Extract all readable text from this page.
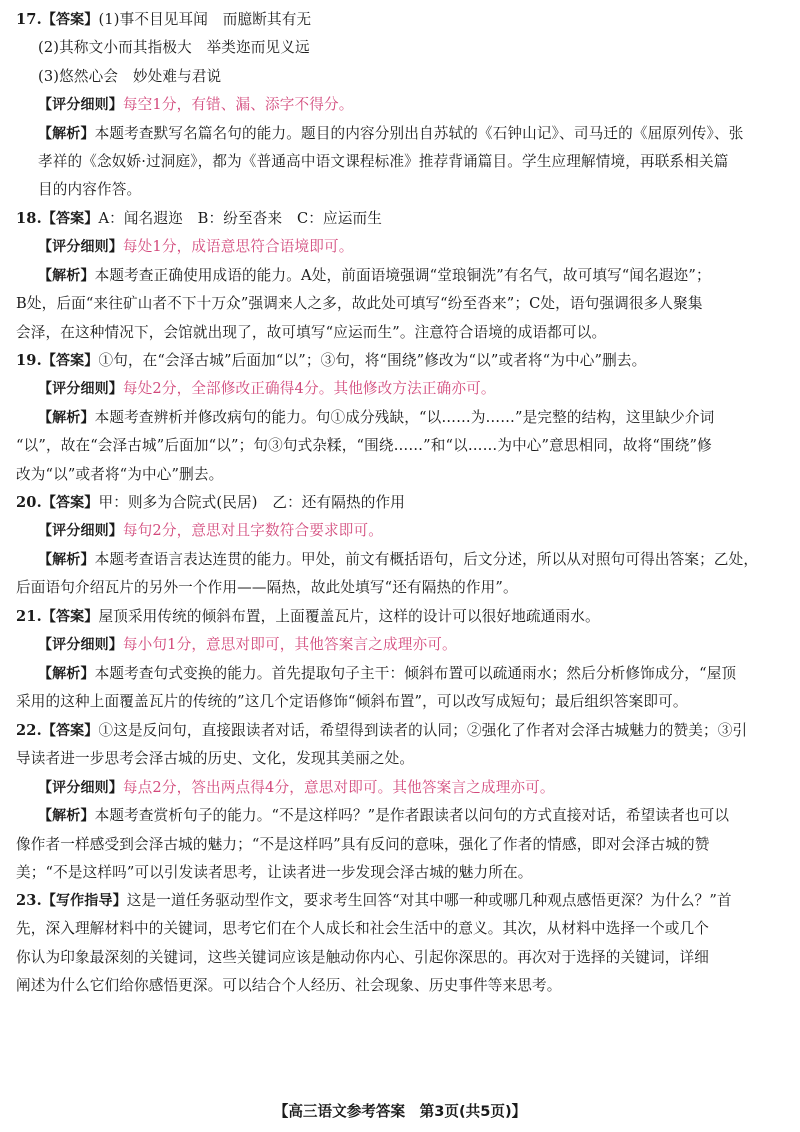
17.【答案】(1)事不目见耳闻　而臆断其有无
(2)其称文小而其指极大　举类迩而见义远
(3)悠然心会　妙处难与君说
【评分细则】每空1分，有错、漏、添字不得分。
【解析】本题考查默写名篇名句的能力。题目的内容分别出自苏轼的《石钟山记》、司马迁的《屈原列传》、张
孝祥的《念奴娇·过洞庭》，都为《普通高中语文课程标准》推荐背诵篇目。学生应理解情境，再联系相关篇
目的内容作答。
18.【答案】A：闻名遐迩　B：纷至沓来　C：应运而生
【评分细则】每处1分，成语意思符合语境即可。
【解析】本题考查正确使用成语的能力。A处，前面语境强调“堂琅铜洗”有名气，故可填写“闻名遐迩”；
B处，后面“来往矿山者不下十万众”强调来人之多，故此处可填写“纷至沓来”；C处，语句强调很多人聚集
会泽，在这种情况下，会馆就出现了，故可填写“应运而生”。注意符合语境的成语都可以。
19.【答案】①句，在“会泽古城”后面加“以”；③句，将“围绕”修改为“以”或者将“为中心”删去。
【评分细则】每处2分，全部修改正确得4分。其他修改方法正确亦可。
【解析】本题考查辨析并修改病句的能力。句①成分残缺，“以……为……”是完整的结构，这里缺少介词
“以”，故在“会泽古城”后面加“以”；句③句式杂糅，“围绕……”和“以……为中心”意思相同，故将“围绕”修
改为“以”或者将“为中心”删去。
20.【答案】甲：则多为合院式(民居)　乙：还有隔热的作用
【评分细则】每句2分，意思对且字数符合要求即可。
【解析】本题考查语言表达连贯的能力。甲处，前文有概括语句，后文分述，所以从对照句可得出答案；乙处，
后面语句介绍瓦片的另外一个作用——隔热，故此处填写“还有隔热的作用”。
21.【答案】屋顶采用传统的倾斜布置，上面覆盖瓦片，这样的设计可以很好地疏通雨水。
【评分细则】每小句1分，意思对即可，其他答案言之成理亦可。
【解析】本题考查句式变换的能力。首先提取句子主干：倾斜布置可以疏通雨水；然后分析修饰成分，“屋顶
采用的这种上面覆盖瓦片的传统的”这几个定语修饰“倾斜布置”，可以改写成短句；最后组织答案即可。
22.【答案】①这是反问句，直接跟读者对话，希望得到读者的认同；②强化了作者对会泽古城魅力的赞美；③引
导读者进一步思考会泽古城的历史、文化，发现其美丽之处。
【评分细则】每点2分，答出两点得4分，意思对即可。其他答案言之成理亦可。
【解析】本题考查赏析句子的能力。“不是这样吗？”是作者跟读者以问句的方式直接对话，希望读者也可以
像作者一样感受到会泽古城的魅力；“不是这样吗”具有反问的意味，强化了作者的情感，即对会泽古城的赞
美；“不是这样吗”可以引发读者思考，让读者进一步发现会泽古城的魅力所在。
23.【写作指导】这是一道任务驱动型作文，要求考生回答“对其中哪一种或哪几种观点感悟更深？为什么？”首
先，深入理解材料中的关键词，思考它们在个人成长和社会生活中的意义。其次，从材料中选择一个或几个
你认为印象最深刻的关键词，这些关键词应该是触动你内心、引起你深思的。再次对于选择的关键词，详细
阐述为什么它们给你感悟更深。可以结合个人经历、社会现象、历史事件等来思考。
【高三语文参考答案　第3页(共5页)】
